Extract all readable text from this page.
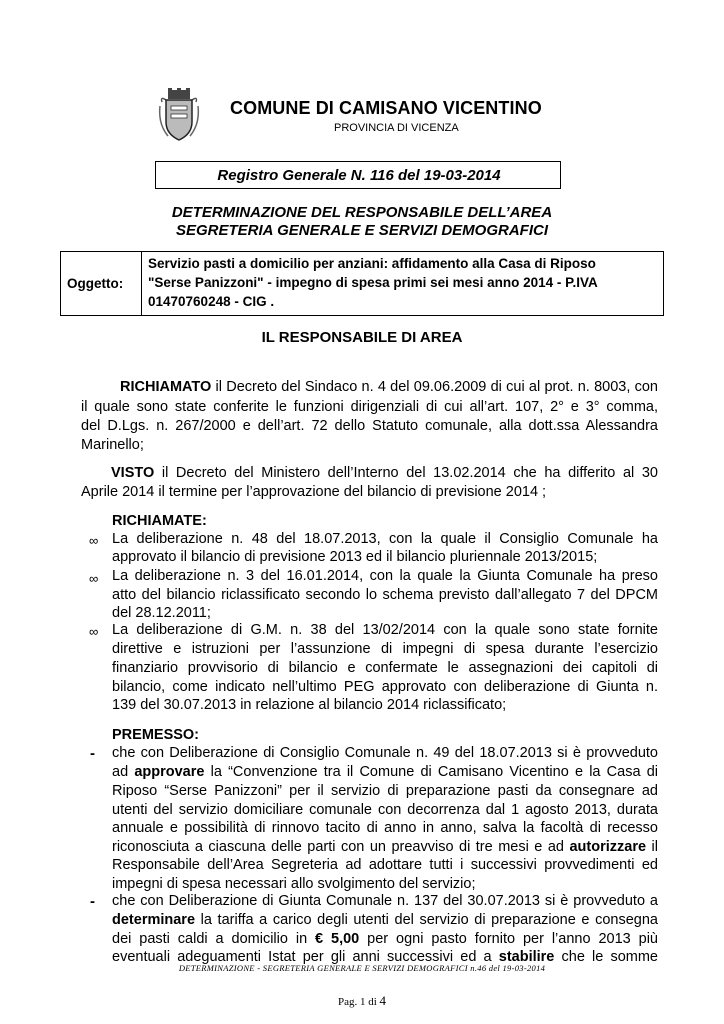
COMUNE DI CAMISANO VICENTINO
PROVINCIA DI VICENZA
Registro Generale N. 116 del 19-03-2014
DETERMINAZIONE DEL RESPONSABILE DELL’AREA
SEGRETERIA GENERALE E SERVIZI DEMOGRAFICI
Oggetto:
Servizio pasti a domicilio per anziani: affidamento alla Casa di Riposo
"Serse Panizzoni" - impegno di spesa primi sei mesi anno 2014 - P.IVA
01470760248 - CIG .
IL RESPONSABILE DI AREA
RICHIAMATO il Decreto del Sindaco n. 4 del 09.06.2009 di cui al prot. n. 8003, con
il quale sono state conferite le funzioni dirigenziali di cui all’art. 107, 2° e 3° comma,
del D.Lgs. n. 267/2000 e dell’art. 72 dello Statuto comunale, alla dott.ssa Alessandra
Marinello;
VISTO il Decreto del Ministero dell’Interno del 13.02.2014 che ha differito al 30
Aprile 2014 il termine per l’approvazione del bilancio di previsione 2014 ;
RICHIAMATE:
∞ La deliberazione n. 48 del 18.07.2013, con la quale il Consiglio Comunale ha
approvato il bilancio di previsione 2013 ed il bilancio pluriennale 2013/2015;
∞ La deliberazione n. 3 del 16.01.2014, con la quale la Giunta Comunale ha preso
atto del bilancio riclassificato secondo lo schema previsto dall’allegato 7 del DPCM
del 28.12.2011;
∞ La deliberazione di G.M. n. 38 del 13/02/2014 con la quale sono state fornite
direttive e istruzioni per l’assunzione di impegni di spesa durante l’esercizio
finanziario provvisorio di bilancio e confermate le assegnazioni dei capitoli di
bilancio, come indicato nell’ultimo PEG approvato con deliberazione di Giunta n.
139 del 30.07.2013 in relazione al bilancio 2014 riclassificato;
PREMESSO:
- che con Deliberazione di Consiglio Comunale n. 49 del 18.07.2013 si è provveduto
ad approvare la “Convenzione tra il Comune di Camisano Vicentino e la Casa di
Riposo “Serse Panizzoni” per il servizio di preparazione pasti da consegnare ad
utenti del servizio domiciliare comunale con decorrenza dal 1 agosto 2013, durata
annuale e possibilità di rinnovo tacito di anno in anno, salva la facoltà di recesso
riconosciuta a ciascuna delle parti con un preavviso di tre mesi e ad autorizzare il
Responsabile dell’Area Segreteria ad adottare tutti i successivi provvedimenti ed
impegni di spesa necessari allo svolgimento del servizio;
- che con Deliberazione di Giunta Comunale n. 137 del 30.07.2013 si è provveduto a
determinare la tariffa a carico degli utenti del servizio di preparazione e consegna
dei pasti caldi a domicilio in € 5,00 per ogni pasto fornito per l’anno 2013 più
eventuali adeguamenti Istat per gli anni successivi ed a stabilire che le somme
DETERMINAZIONE - SEGRETERIA GENERALE E SERVIZI DEMOGRAFICI n.46 del 19-03-2014
Pag. 1 di 4
